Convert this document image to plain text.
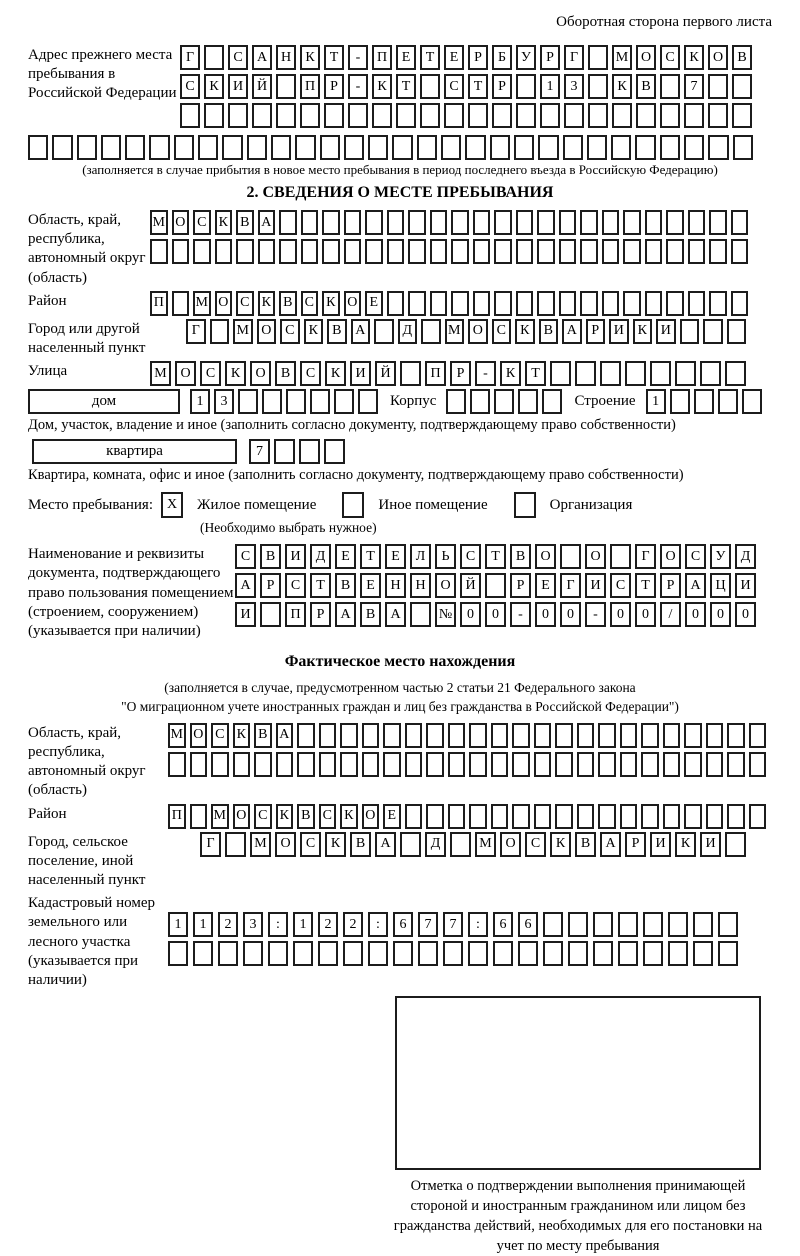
Оборотная сторона первого листа
Адрес прежнего места пребывания в Российской Федерации
Г	С	А Н	К	Т	-	П	Е	Т	Е	Р	Б	У	Р	Г	М О	С	К	О	В
С	К	И Й	П	Р	-	К	Т	С	Т	Р	1	3	К	В	7
(заполняется в случае прибытия в новое место пребывания в период последнего въезда в Российскую Федерацию)
2. СВЕДЕНИЯ О МЕСТЕ ПРЕБЫВАНИЯ
Область, край, республика, автономный округ (область)
М О С К В А
Район	П М О С К В С К О Е
Город или другой населенный пункт
Г	М О С	К	В А	Д	М О С	К	В А	Р	И К И
Улица	М О	С	К	О	В	С	К	И	Й	П	Р	-	К	Т
дом	1	3	Корпус	Строение	1
Дом, участок, владение и иное (заполнить согласно документу, подтверждающему право собственности)
квартира	7
Квартира, комната, офис и иное (заполнить согласно документу, подтверждающему право собственности)
Место пребывания: X	Жилое помещение	Иное помещение	Организация
(Необходимо выбрать нужное)
Наименование и реквизиты документа, подтверждающего право пользования помещением (строением, сооружением) (указывается при наличии)
С	В	И	Д	Е	Т	Е	Л	Ь	С	Т	В	О	О	Г	О	С	У	Д
А	Р	С	Т	В	Е	Н	Н	О	Й	Р	Е	Г	И	С	Т	Р	А	Ц	И
И	П	Р	А	В	А	№	0	0	-	0	0	-	0	0	/	0	0	0
Фактическое место нахождения
(заполняется в случае, предусмотренном частью 2 статьи 21 Федерального закона
"О миграционном учете иностранных граждан и лиц без гражданства в Российской Федерации")
Область, край, республика, автономный округ (область)
М О С К В А
Район	П М О С К В С К О Е
Город, сельское поселение, иной населенный пункт
Г	М О	С	К	В	А	Д	М О	С	К	В	А	Р	И	К	И
Кадастровый номер земельного или лесного участка (указывается при наличии)
1	1	2	3	:	1	2	2	:	6	7	7	:	6	6
Отметка о подтверждении выполнения принимающей стороной и иностранным гражданином или лицом без гражданства действий, необходимых для его постановки на учет по месту пребывания
